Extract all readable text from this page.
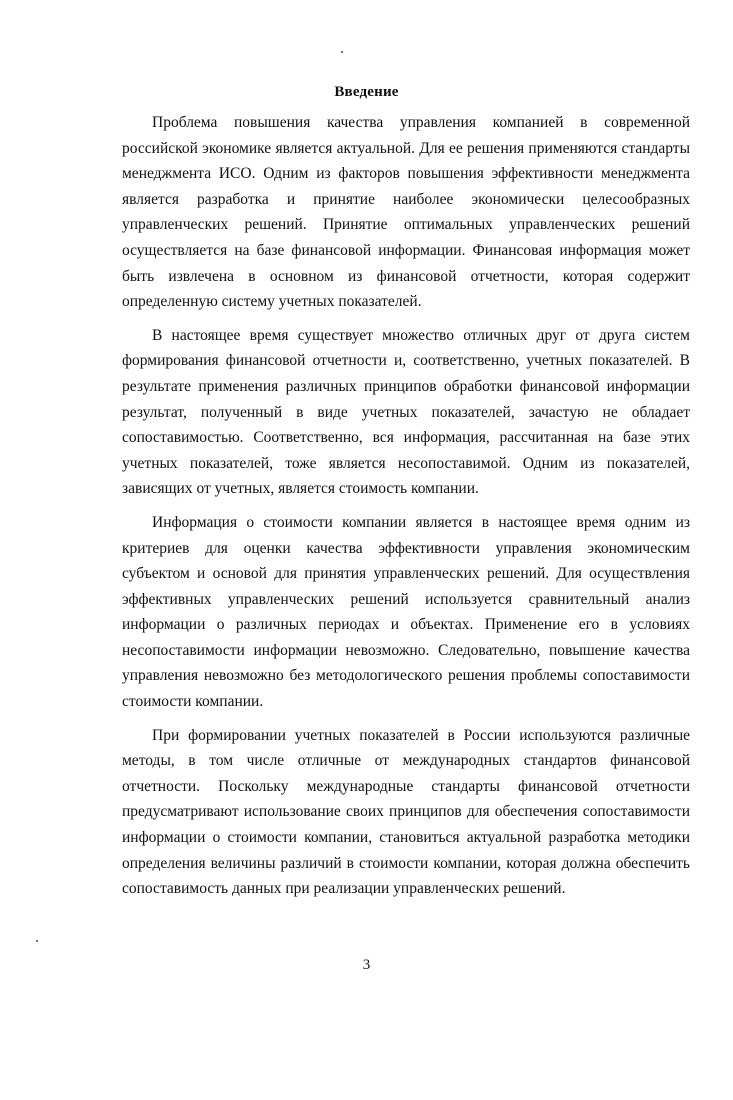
Введение

Проблема повышения качества управления компанией в современной российской экономике является актуальной. Для ее решения применяются стандарты менеджмента ИСО. Одним из факторов повышения эффективности менеджмента является разработка и принятие наиболее экономически целесообразных управленческих решений. Принятие оптимальных управленческих решений осуществляется на базе финансовой информации. Финансовая информация может быть извлечена в основном из финансовой отчетности, которая содержит определенную систему учетных показателей.

В настоящее время существует множество отличных друг от друга систем формирования финансовой отчетности и, соответственно, учетных показателей. В результате применения различных принципов обработки финансовой информации результат, полученный в виде учетных показателей, зачастую не обладает сопоставимостью. Соответственно, вся информация, рассчитанная на базе этих учетных показателей, тоже является несопоставимой. Одним из показателей, зависящих от учетных, является стоимость компании.

Информация о стоимости компании является в настоящее время одним из критериев для оценки качества эффективности управления экономическим субъектом и основой для принятия управленческих решений. Для осуществления эффективных управленческих решений используется сравнительный анализ информации о различных периодах и объектах. Применение его в условиях несопоставимости информации невозможно. Следовательно, повышение качества управления невозможно без методологического решения проблемы сопоставимости стоимости компании.

При формировании учетных показателей в России используются различные методы, в том числе отличные от международных стандартов финансовой отчетности. Поскольку международные стандарты финансовой отчетности предусматривают использование своих принципов для обеспечения сопоставимости информации о стоимости компании, становиться актуальной разработка методики определения величины различий в стоимости компании, которая должна обеспечить сопоставимость данных при реализации управленческих решений.

3
